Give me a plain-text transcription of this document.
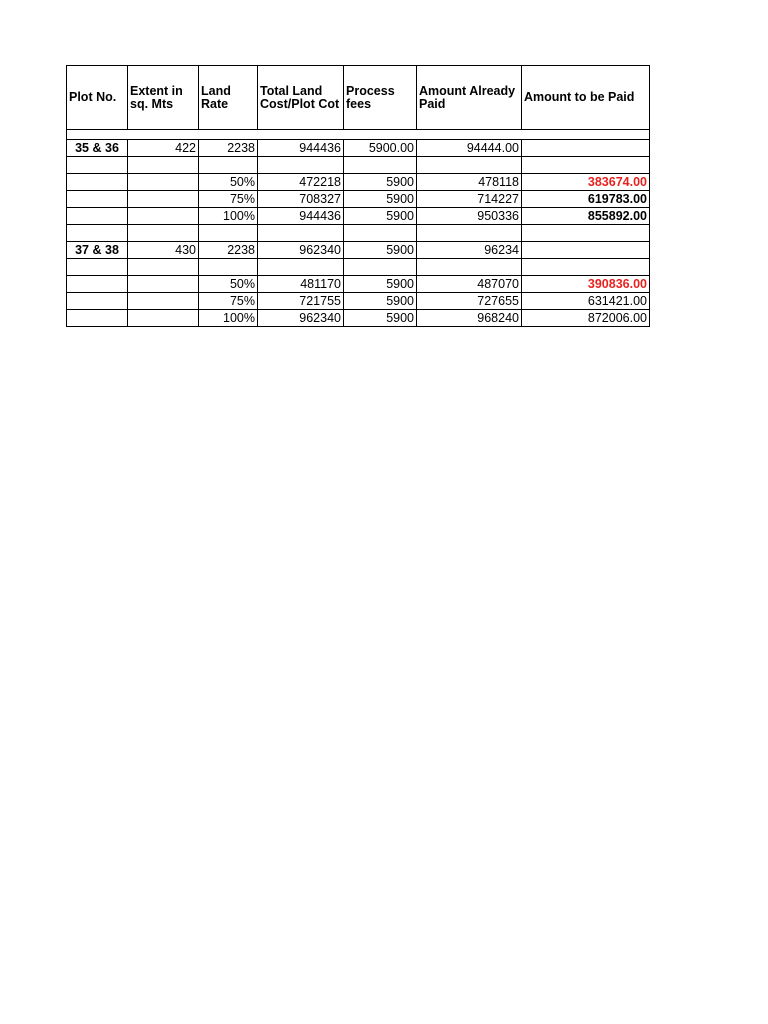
Plot No.	Extent in sq. Mts	Land Rate	Total Land Cost/Plot Cot	Process fees	Amount Already Paid	Amount to be Paid

35 & 36	422	2238	944436	5900.00	94444.00	

		50%	472218	5900	478118	383674.00
		75%	708327	5900	714227	619783.00
		100%	944436	5900	950336	855892.00

37 & 38	430	2238	962340	5900	96234	

		50%	481170	5900	487070	390836.00
		75%	721755	5900	727655	631421.00
		100%	962340	5900	968240	872006.00
